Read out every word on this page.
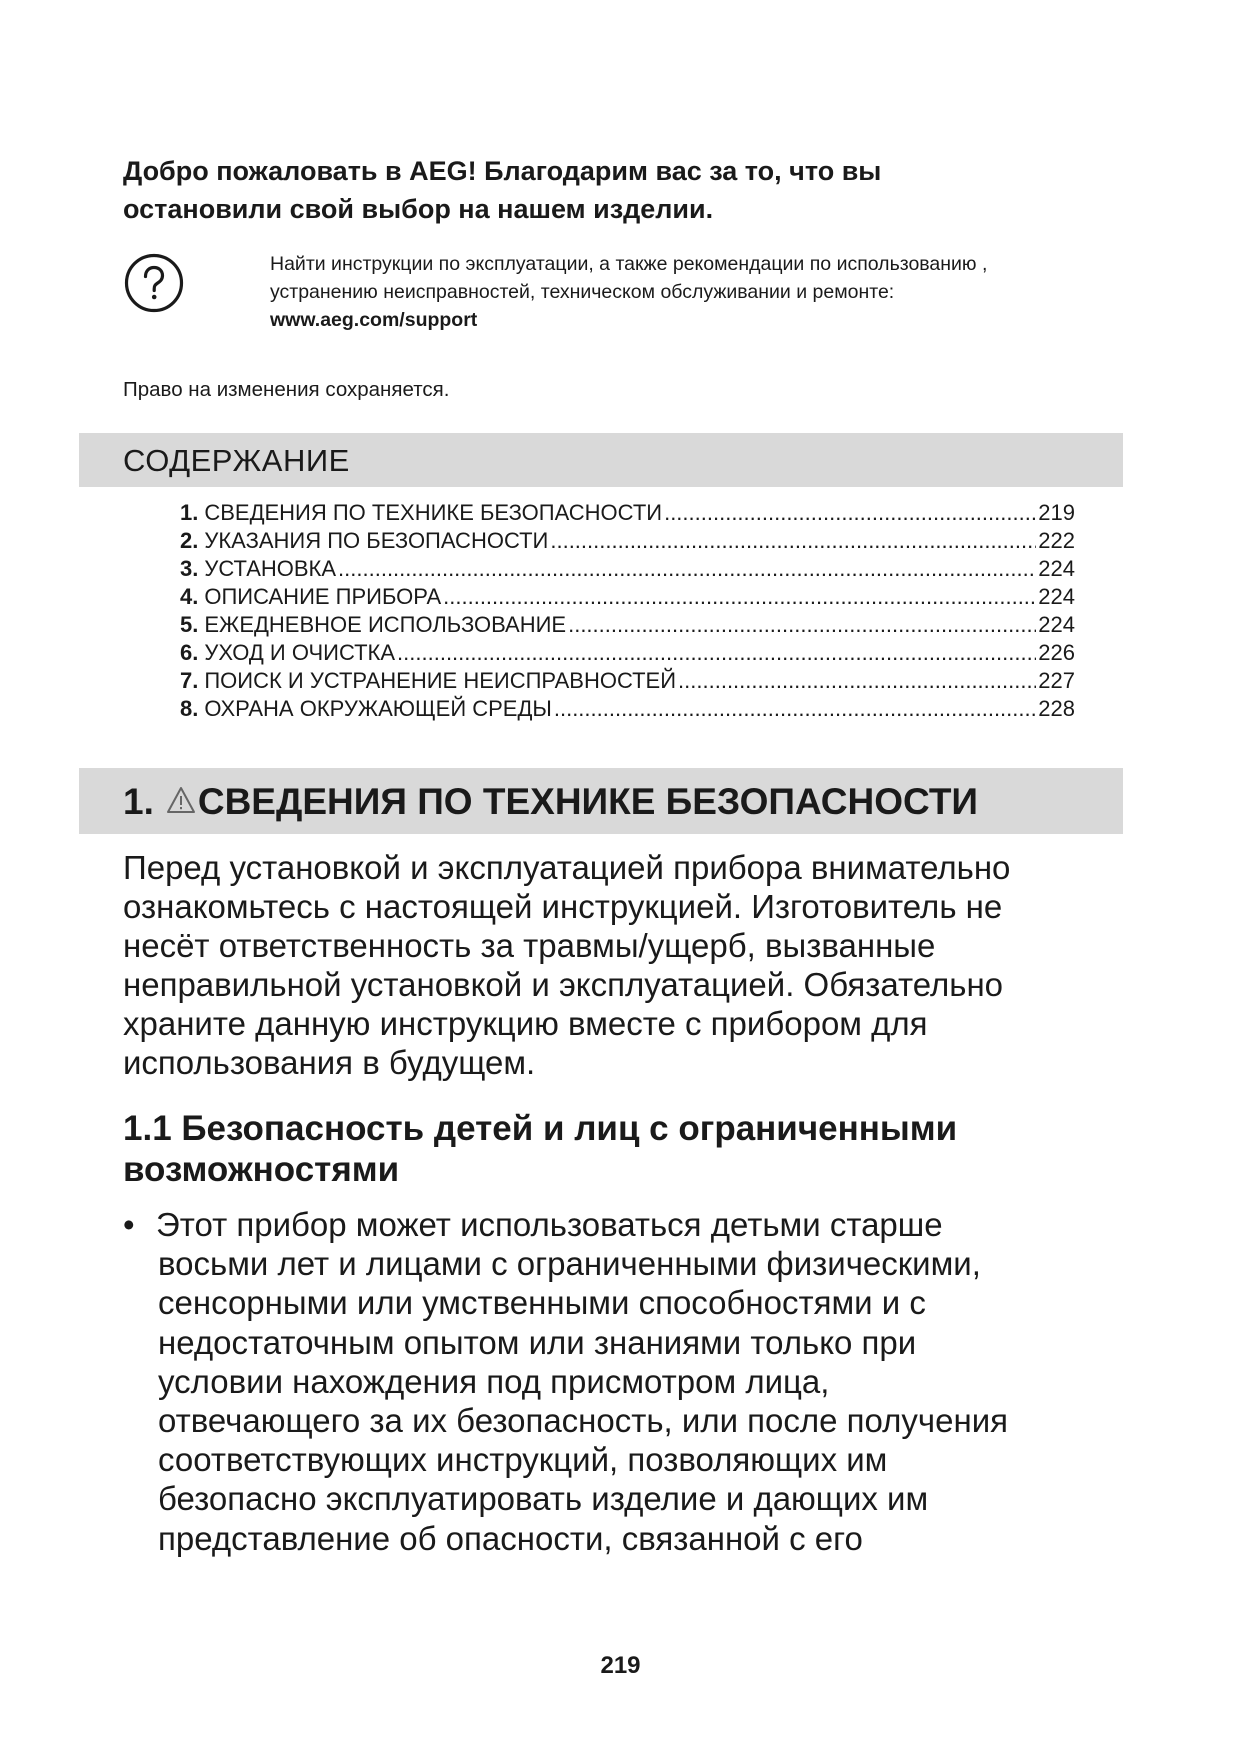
Добро пожаловать в AEG! Благодарим вас за то, что вы
остановили свой выбор на нашем изделии.
Найти инструкции по эксплуатации, а также рекомендации по использованию ,
устранению неисправностей, техническом обслуживании и ремонте:
www.aeg.com/support
Право на изменения сохраняется.
СОДЕРЖАНИЕ
1. СВЕДЕНИЯ ПО ТЕХНИКЕ БЕЗОПАСНОСТИ .....	219
2. УКАЗАНИЯ ПО БЕЗОПАСНОСТИ .....	222
3. УСТАНОВКА .....	224
4. ОПИСАНИЕ ПРИБОРА .....	224
5. ЕЖЕДНЕВНОЕ ИСПОЛЬЗОВАНИЕ .....	224
6. УХОД И ОЧИСТКА .....	226
7. ПОИСК И УСТРАНЕНИЕ НЕИСПРАВНОСТЕЙ .....	227
8. ОХРАНА ОКРУЖАЮЩЕЙ СРЕДЫ .....	228
1. СВЕДЕНИЯ ПО ТЕХНИКЕ БЕЗОПАСНОСТИ

Перед установкой и эксплуатацией прибора внимательно
ознакомьтесь с настоящей инструкцией. Изготовитель не
несёт ответственность за травмы/ущерб, вызванные
неправильной установкой и эксплуатацией. Обязательно
храните данную инструкцию вместе с прибором для
использования в будущем.

1.1 Безопасность детей и лиц с ограниченными
возможностями
• Этот прибор может использоваться детьми старше
восьми лет и лицами с ограниченными физическими,
сенсорными или умственными способностями и с
недостаточным опытом или знаниями только при
условии нахождения под присмотром лица,
отвечающего за их безопасность, или после получения
соответствующих инструкций, позволяющих им
безопасно эксплуатировать изделие и дающих им
представление об опасности, связанной с его
219
